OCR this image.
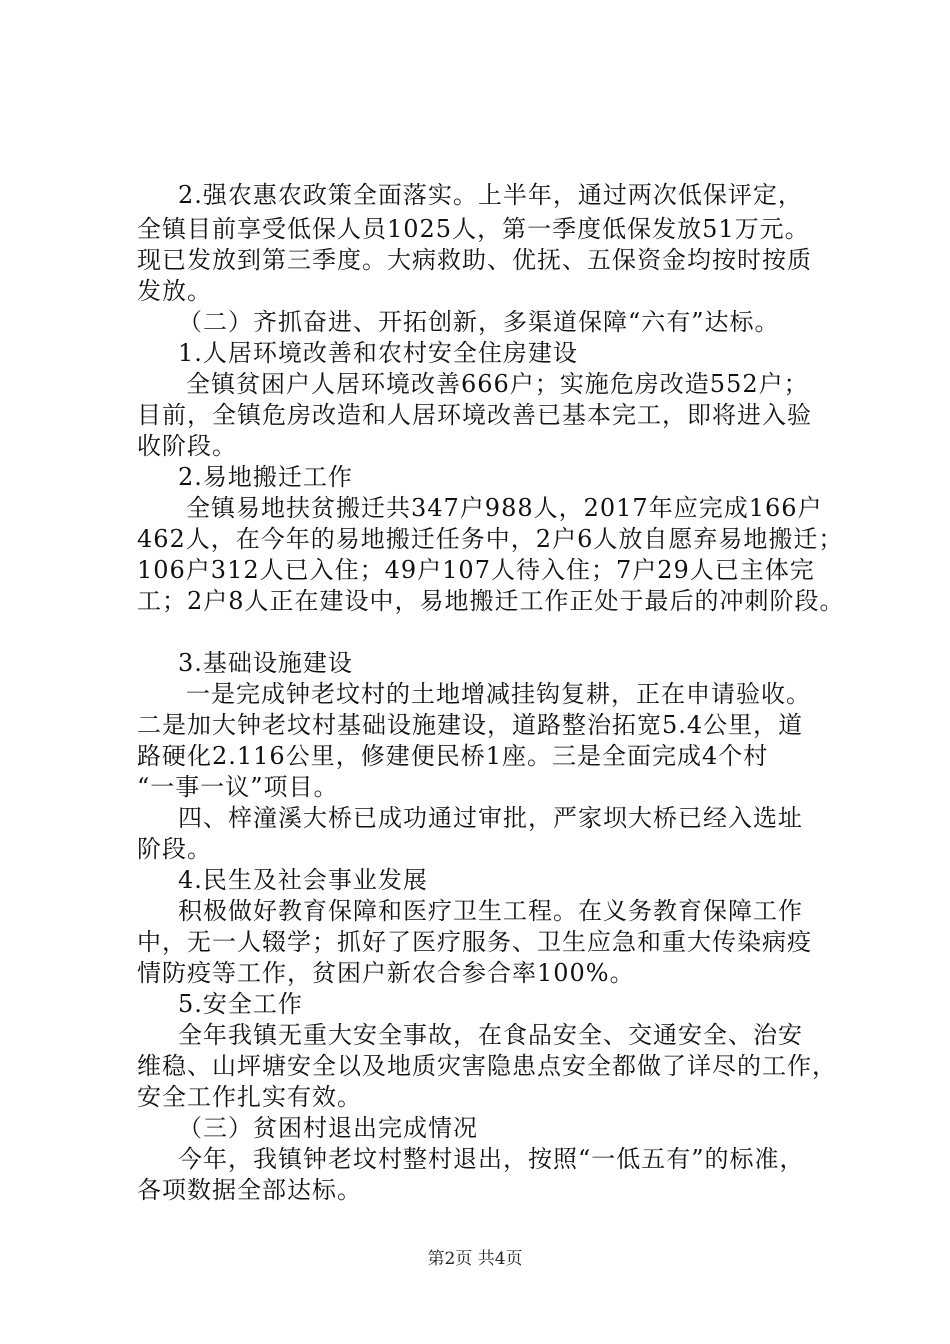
2.强农惠农政策全面落实。上半年，通过两次低保评定，
全镇目前享受低保人员1025人，第一季度低保发放51万元。
现已发放到第三季度。大病救助、优抚、五保资金均按时按质
发放。
（二）齐抓奋进、开拓创新，多渠道保障“六有”达标。
1.人居环境改善和农村安全住房建设
全镇贫困户人居环境改善666户；实施危房改造552户；
目前，全镇危房改造和人居环境改善已基本完工，即将进入验
收阶段。
2.易地搬迁工作
全镇易地扶贫搬迁共347户988人，2017年应完成166户
462人，在今年的易地搬迁任务中，2户6人放自愿弃易地搬迁；
106户312人已入住；49户107人待入住；7户29人已主体完
工；2户8人正在建设中，易地搬迁工作正处于最后的冲刺阶段。
3.基础设施建设
一是完成钟老坟村的土地增减挂钩复耕，正在申请验收。
二是加大钟老坟村基础设施建设，道路整治拓宽5.4公里，道
路硬化2.116公里，修建便民桥1座。三是全面完成4个村
“一事一议”项目。
四、梓潼溪大桥已成功通过审批，严家坝大桥已经入选址
阶段。
4.民生及社会事业发展
积极做好教育保障和医疗卫生工程。在义务教育保障工作
中，无一人辍学；抓好了医疗服务、卫生应急和重大传染病疫
情防疫等工作，贫困户新农合参合率100%。
5.安全工作
全年我镇无重大安全事故，在食品安全、交通安全、治安
维稳、山坪塘安全以及地质灾害隐患点安全都做了详尽的工作，
安全工作扎实有效。
（三）贫困村退出完成情况
今年，我镇钟老坟村整村退出，按照“一低五有”的标准，
各项数据全部达标。
第2页 共4页
